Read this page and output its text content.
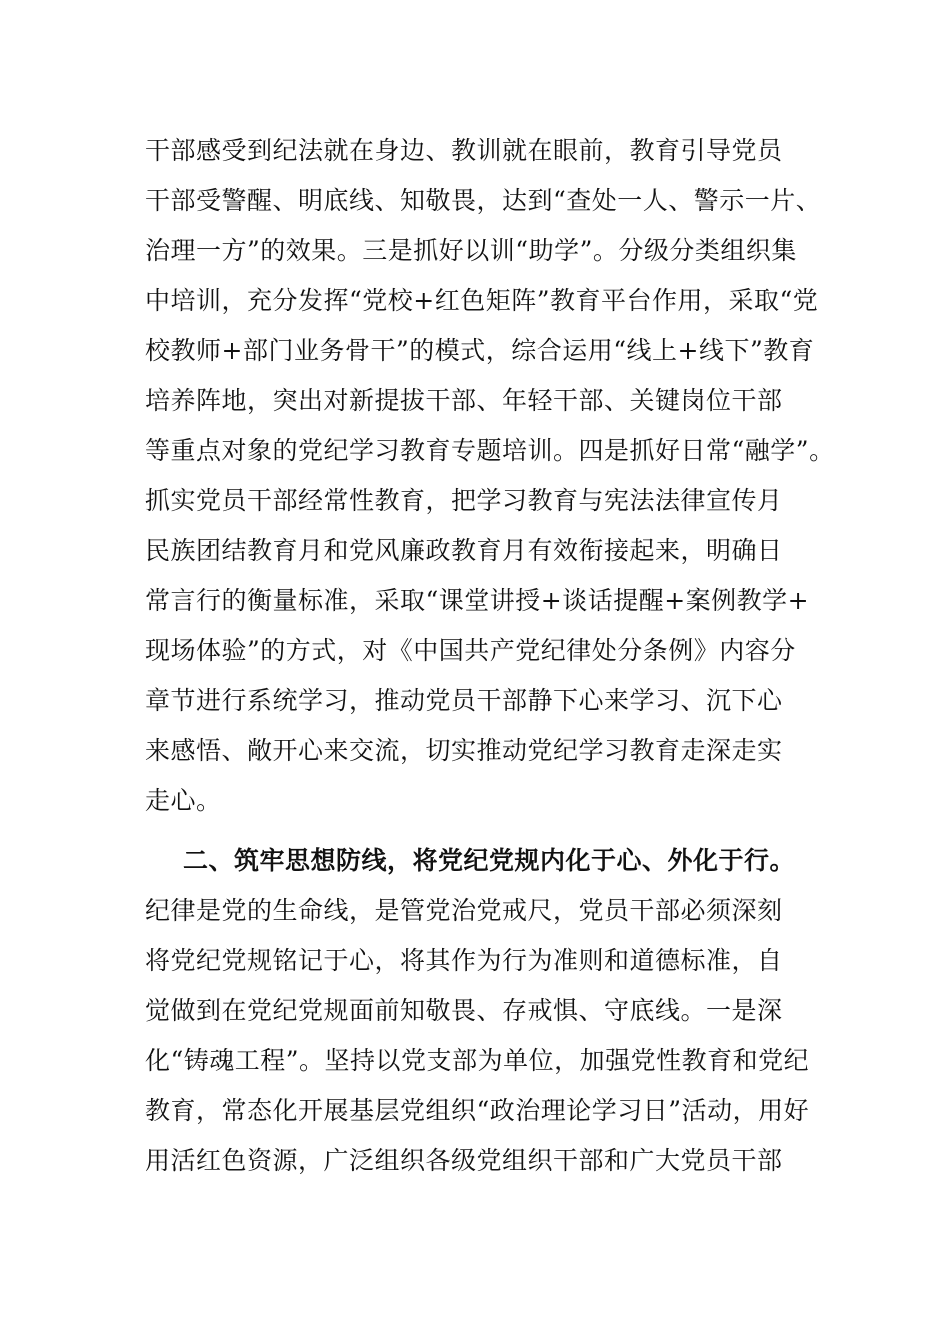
干部感受到纪法就在身边、教训就在眼前，教育引导党员
干部受警醒、明底线、知敬畏，达到“查处一人、警示一片、
治理一方”的效果。三是抓好以训“助学”。分级分类组织集
中培训，充分发挥“党校+红色矩阵”教育平台作用，采取“党
校教师+部门业务骨干”的模式，综合运用“线上+线下”教育
培养阵地，突出对新提拔干部、年轻干部、关键岗位干部
等重点对象的党纪学习教育专题培训。四是抓好日常“融学”。
抓实党员干部经常性教育，把学习教育与宪法法律宣传月
民族团结教育月和党风廉政教育月有效衔接起来，明确日
常言行的衡量标准，采取“课堂讲授+谈话提醒+案例教学+
现场体验”的方式，对《中国共产党纪律处分条例》内容分
章节进行系统学习，推动党员干部静下心来学习、沉下心
来感悟、敞开心来交流，切实推动党纪学习教育走深走实
走心。
二、筑牢思想防线，将党纪党规内化于心、外化于行。
纪律是党的生命线，是管党治党戒尺，党员干部必须深刻
将党纪党规铭记于心，将其作为行为准则和道德标准，自
觉做到在党纪党规面前知敬畏、存戒惧、守底线。一是深
化“铸魂工程”。坚持以党支部为单位，加强党性教育和党纪
教育，常态化开展基层党组织“政治理论学习日”活动，用好
用活红色资源，广泛组织各级党组织干部和广大党员干部
